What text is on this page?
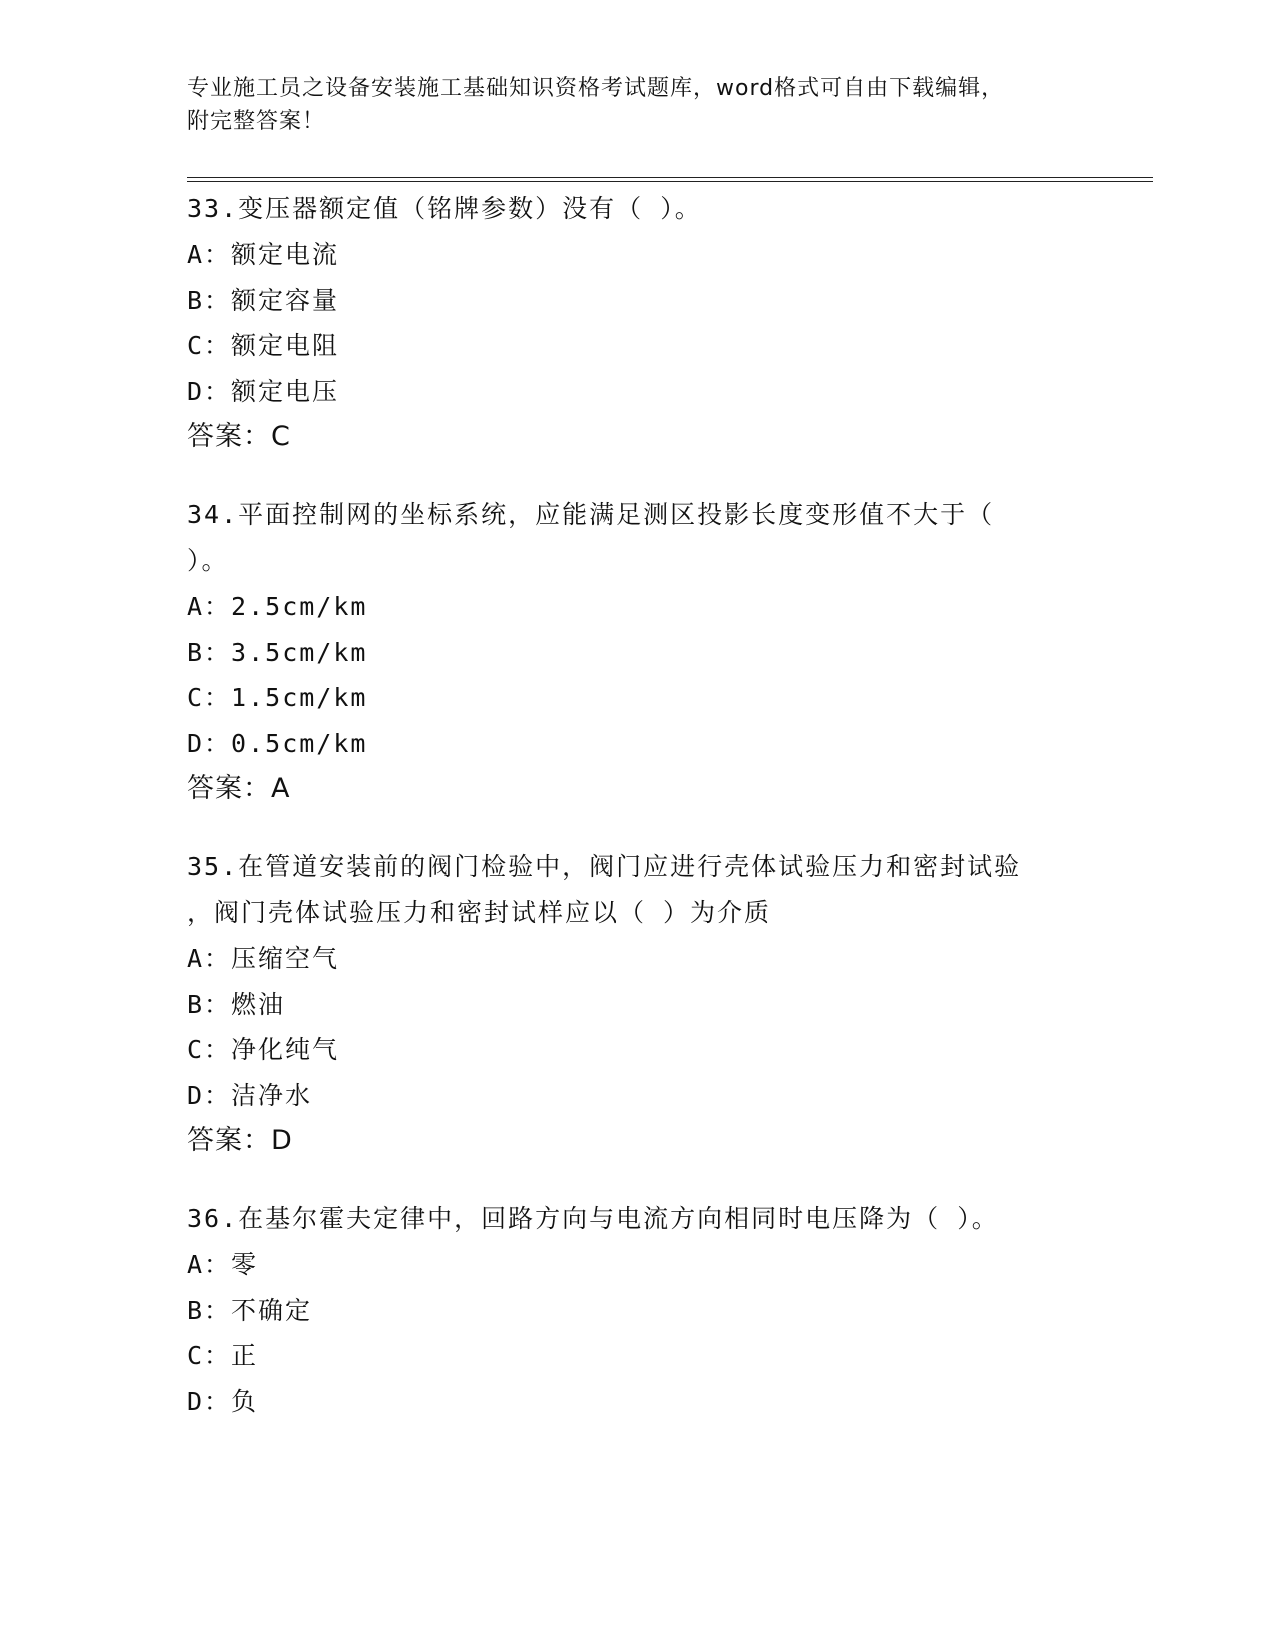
专业施工员之设备安装施工基础知识资格考试题库，word格式可自由下载编辑，
附完整答案！
33.变压器额定值（铭牌参数）没有（ ）。
A：额定电流
B：额定容量
C：额定电阻
D：额定电压
答案：C
34.平面控制网的坐标系统，应能满足测区投影长度变形值不大于（
）。
A：2.5cm/km
B：3.5cm/km
C：1.5cm/km
D：0.5cm/km
答案：A
35.在管道安装前的阀门检验中，阀门应进行壳体试验压力和密封试验
，阀门壳体试验压力和密封试样应以（ ）为介质
A：压缩空气
B：燃油
C：净化纯气
D：洁净水
答案：D
36.在基尔霍夫定律中，回路方向与电流方向相同时电压降为（ ）。
A：零
B：不确定
C：正
D：负
